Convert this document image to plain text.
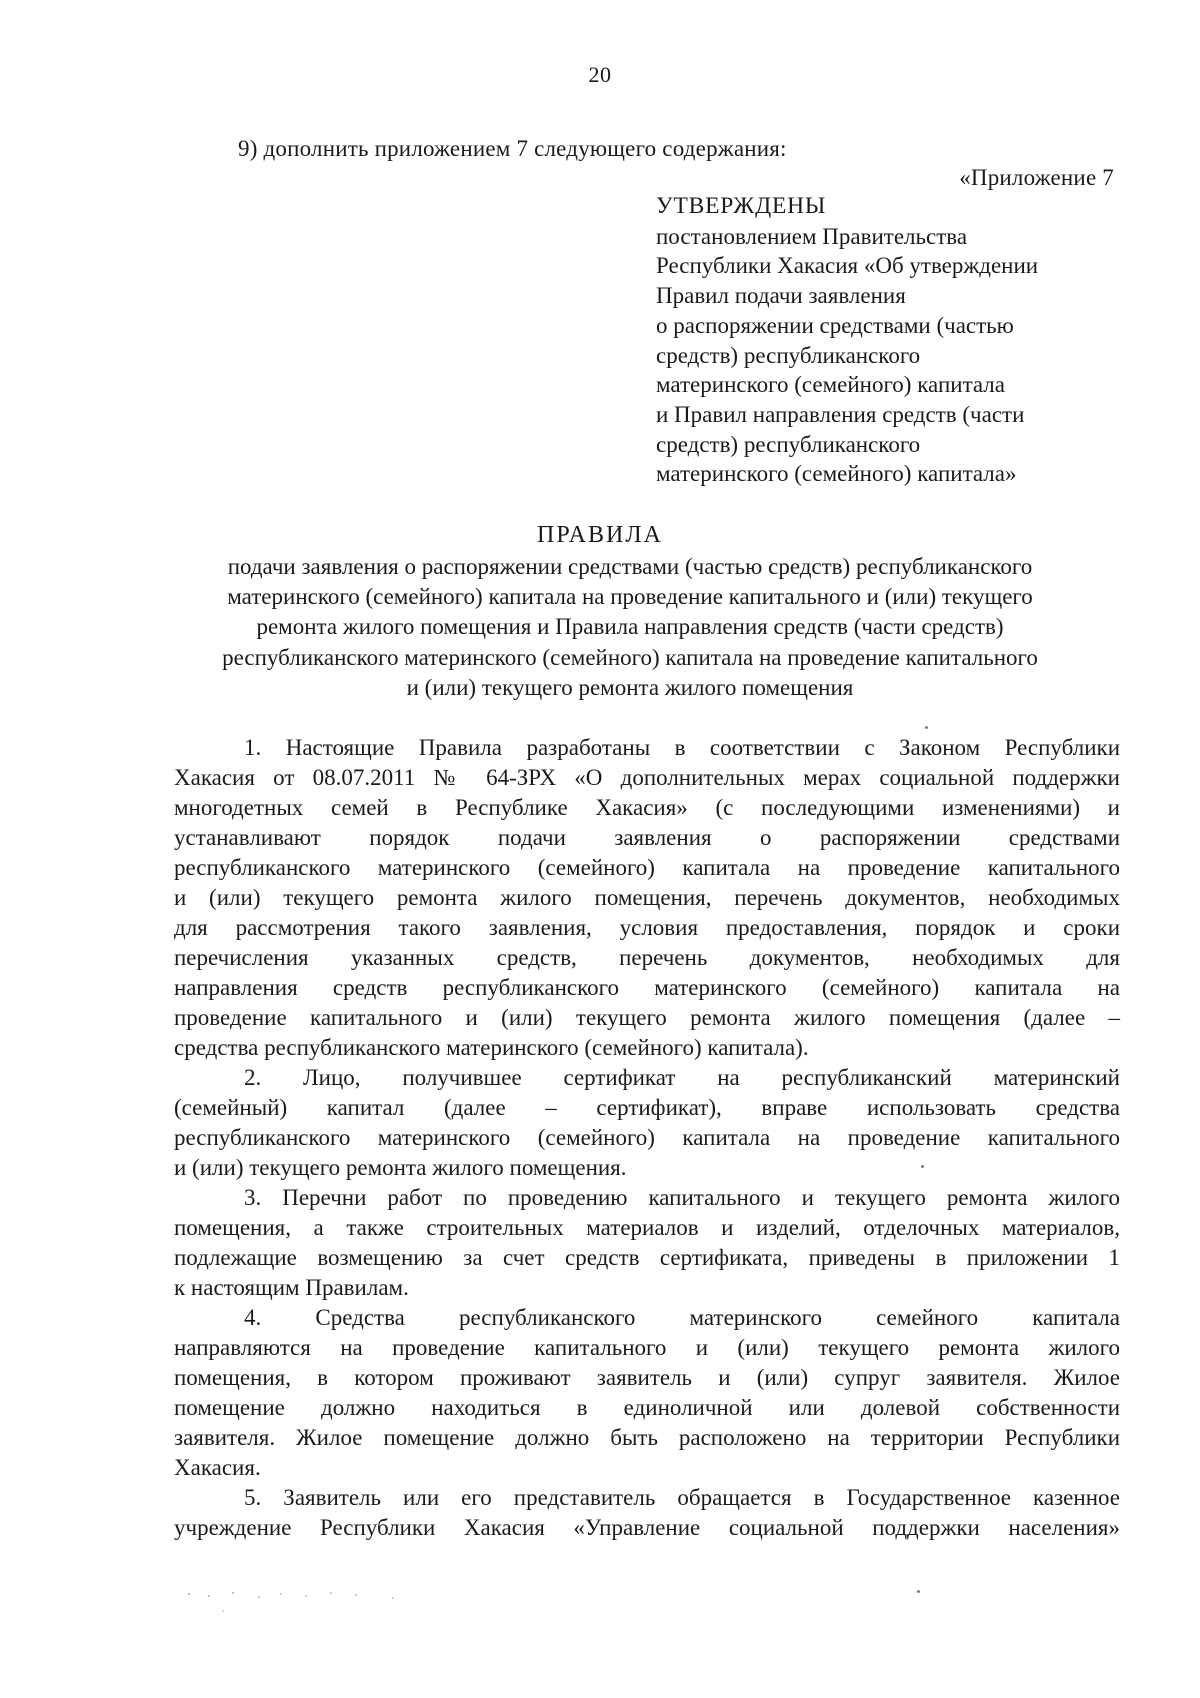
20
9) дополнить приложением 7 следующего содержания:
«Приложение 7
УТВЕРЖДЕНЫ
постановлением Правительства
Республики Хакасия «Об утверждении
Правил подачи заявления
о распоряжении средствами (частью
средств) республиканского
материнского (семейного) капитала
и Правил направления средств (части
средств) республиканского
материнского (семейного) капитала»
ПРАВИЛА
подачи заявления о распоряжении средствами (частью средств) республиканского
материнского (семейного) капитала на проведение капитального и (или) текущего
ремонта жилого помещения и Правила направления средств (части средств)
республиканского материнского (семейного) капитала на проведение капитального
и (или) текущего ремонта жилого помещения
1. Настоящие Правила разработаны в соответствии с Законом Республики
Хакасия от 08.07.2011 № 64-ЗРХ «О дополнительных мерах социальной поддержки
многодетных семей в Республике Хакасия» (с последующими изменениями) и
устанавливают порядок подачи заявления о распоряжении средствами
республиканского материнского (семейного) капитала на проведение капитального
и (или) текущего ремонта жилого помещения, перечень документов, необходимых
для рассмотрения такого заявления, условия предоставления, порядок и сроки
перечисления указанных средств, перечень документов, необходимых для
направления средств республиканского материнского (семейного) капитала на
проведение капитального и (или) текущего ремонта жилого помещения (далее –
средства республиканского материнского (семейного) капитала).
2. Лицо, получившее сертификат на республиканский материнский
(семейный) капитал (далее – сертификат), вправе использовать средства
республиканского материнского (семейного) капитала на проведение капитального
и (или) текущего ремонта жилого помещения.
3. Перечни работ по проведению капитального и текущего ремонта жилого
помещения, а также строительных материалов и изделий, отделочных материалов,
подлежащие возмещению за счет средств сертификата, приведены в приложении 1
к настоящим Правилам.
4. Средства республиканского материнского семейного капитала
направляются на проведение капитального и (или) текущего ремонта жилого
помещения, в котором проживают заявитель и (или) супруг заявителя. Жилое
помещение должно находиться в единоличной или долевой собственности
заявителя. Жилое помещение должно быть расположено на территории Республики
Хакасия.
5. Заявитель или его представитель обращается в Государственное казенное
учреждение Республики Хакасия «Управление социальной поддержки населения»
